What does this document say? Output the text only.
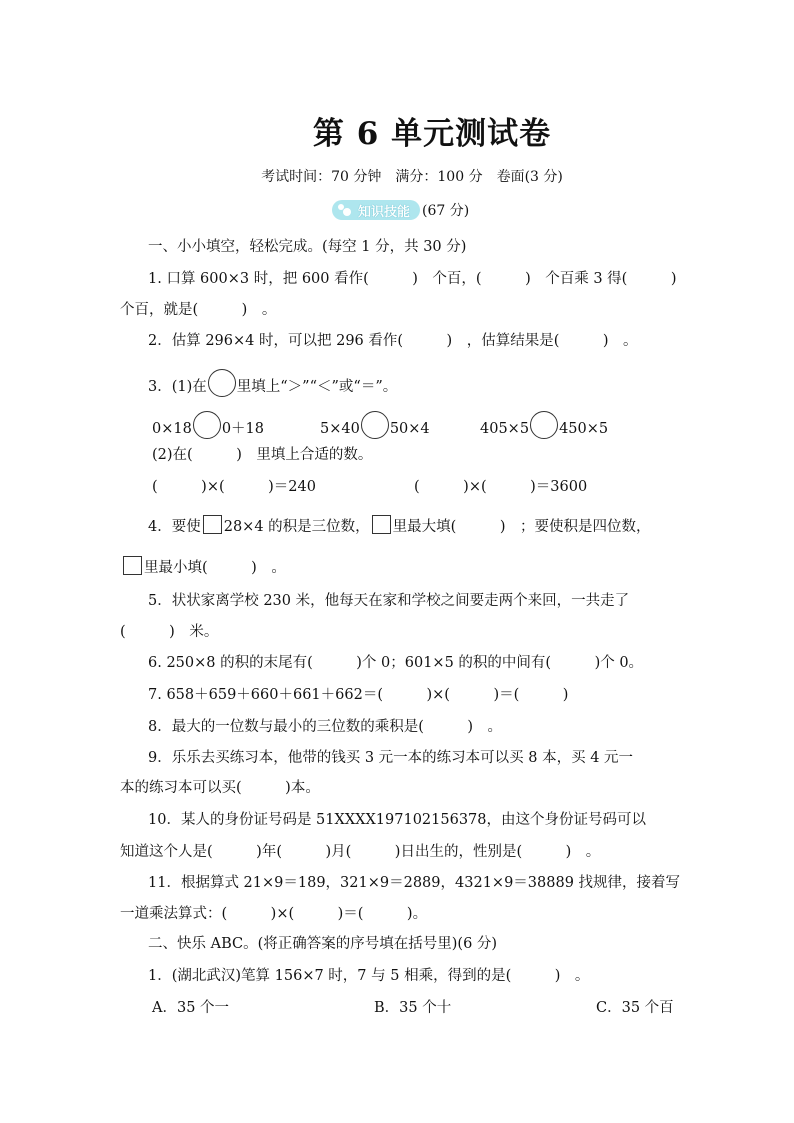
第 6 单元测试卷
考试时间：70 分钟　满分：100 分　卷面(3 分)
知识技能 (67 分)
一、小小填空，轻松完成。(每空 1 分，共 30 分)
1. 口算 600×3 时，把 600 看作(　　　)　个百，(　　　)　个百乘 3 得(　　　)
个百，就是(　　　)　。
2．估算 296×4 时，可以把 296 看作(　　　)　，估算结果是(　　　)　。
3．(1)在 里填上“＞”“＜”或“＝”。
0×18 0＋18	5×40 50×4	405×5 450×5
(2)在(　　　)　里填上合适的数。
(　　　)×(　　　)＝240	(　　　)×(　　　)＝3600
4．要使 28×4 的积是三位数， 里最大填(　　　)　；要使积是四位数，
里最小填(　　　)　。
5．状状家离学校 230 米，他每天在家和学校之间要走两个来回，一共走了
(　　　)　米。
6. 250×8 的积的末尾有(　　　)个 0；601×5 的积的中间有(　　　)个 0。
7. 658＋659＋660＋661＋662＝(　　　)×(　　　)＝(　　　)
8．最大的一位数与最小的三位数的乘积是(　　　)　。
9．乐乐去买练习本，他带的钱买 3 元一本的练习本可以买 8 本，买 4 元一
本的练习本可以买(　　　)本。
10．某人的身份证号码是 51XXXX197102156378，由这个身份证号码可以
知道这个人是(　　　)年(　　　)月(　　　)日出生的，性别是(　　　)　。
11．根据算式 21×9＝189，321×9＝2889，4321×9＝38889 找规律，接着写
一道乘法算式：(　　　)×(　　　)＝(　　　)。
二、快乐 ABC。(将正确答案的序号填在括号里)(6 分)
1．(湖北武汉)笔算 156×7 时，7 与 5 相乘，得到的是(　　　)　。
A．35 个一	B．35 个十	C．35 个百
